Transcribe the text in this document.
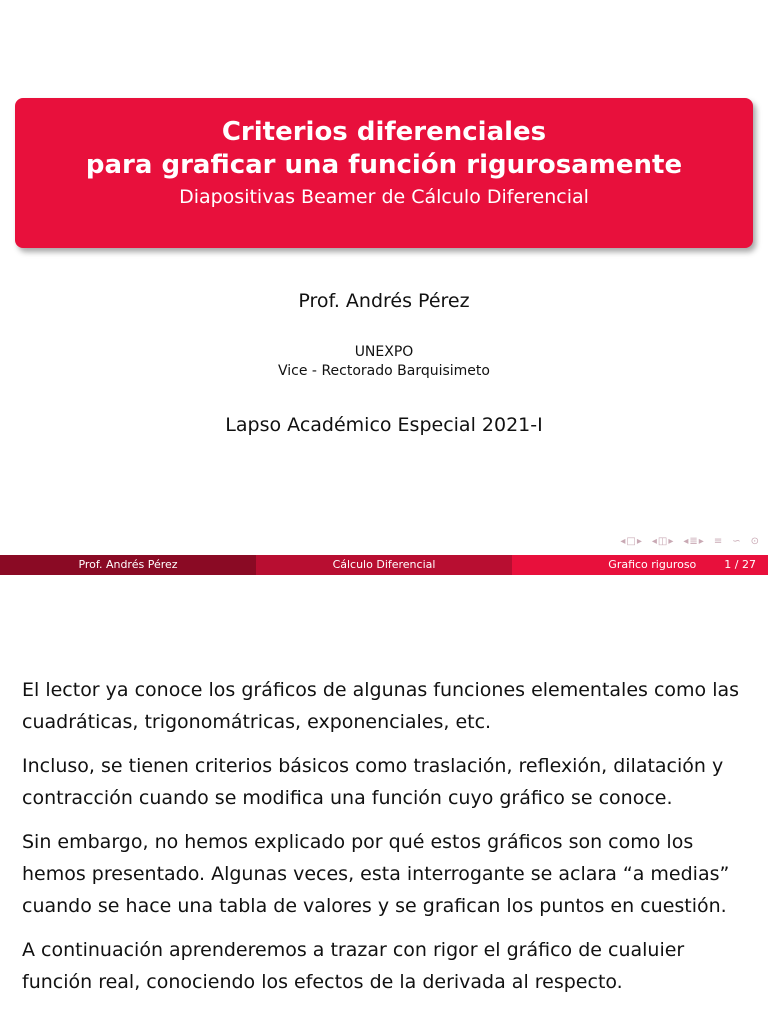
Criterios diferenciales
para graficar una función rigurosamente
Diapositivas Beamer de Cálculo Diferencial
Prof. Andrés Pérez
UNEXPO
Vice - Rectorado Barquisimeto
Lapso Académico Especial 2021-I
◂□▸ ◂◫▸ ◂≣▸ ≡ ∽ ⊙
Prof. Andrés Pérez	Cálculo Diferencial	Grafico riguroso	1 / 27

El lector ya conoce los gráficos de algunas funciones elementales como las cuadráticas, trigonomátricas, exponenciales, etc.

Incluso, se tienen criterios básicos como traslación, reflexión, dilatación y contracción cuando se modifica una función cuyo gráfico se conoce.

Sin embargo, no hemos explicado por qué estos gráficos son como los hemos presentado. Algunas veces, esta interrogante se aclara “a medias” cuando se hace una tabla de valores y se grafican los puntos en cuestión.

A continuación aprenderemos a trazar con rigor el gráfico de cualuier función real, conociendo los efectos de la derivada al respecto.
